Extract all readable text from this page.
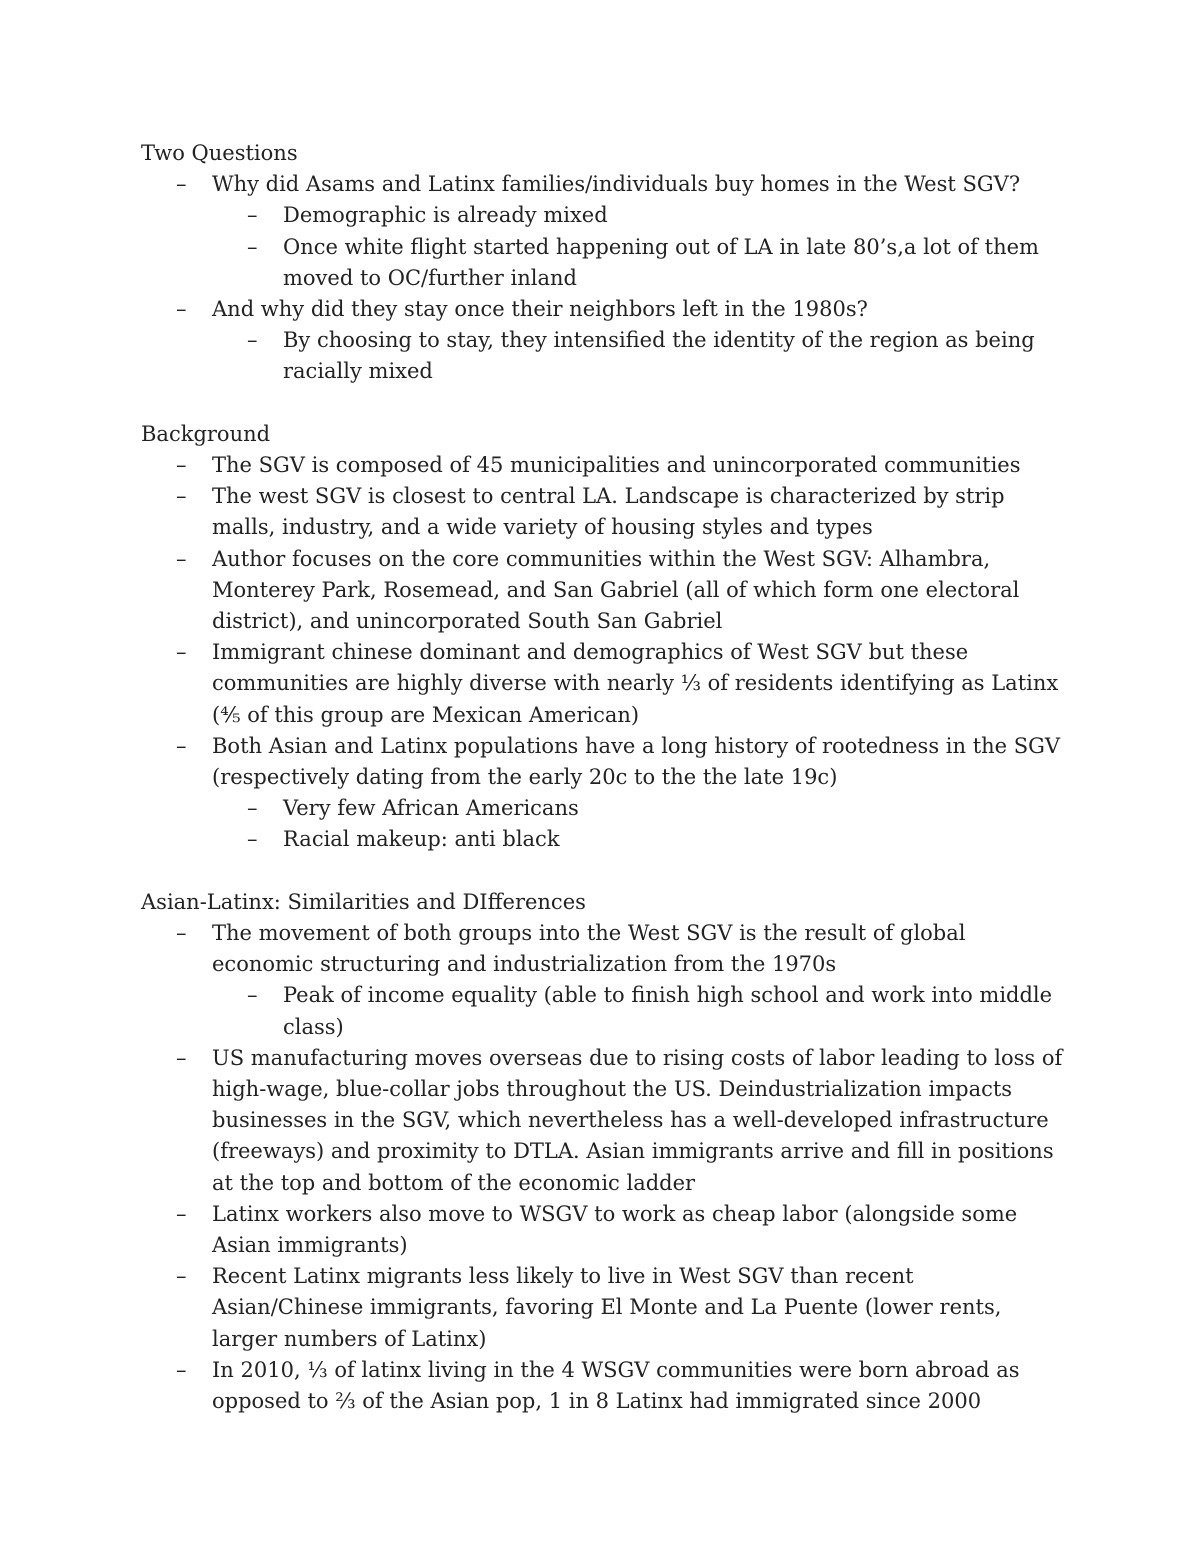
Two Questions
–
Why did Asams and Latinx families/individuals buy homes in the West SGV?
–
Demographic is already mixed
–
Once white flight started happening out of LA in late 80’s,a lot of them moved to OC/further inland
–
And why did they stay once their neighbors left in the 1980s?
–
By choosing to stay, they intensified the identity of the region as being racially mixed
Background
–
The SGV is composed of 45 municipalities and unincorporated communities
–
The west SGV is closest to central LA. Landscape is characterized by strip malls, industry, and a wide variety of housing styles and types
–
Author focuses on the core communities within the West SGV: Alhambra, Monterey Park, Rosemead, and San Gabriel (all of which form one electoral district), and unincorporated South San Gabriel
–
Immigrant chinese dominant and demographics of West SGV but these communities are highly diverse with nearly ⅓ of residents identifying as Latinx (⅘ of this group are Mexican American)
–
Both Asian and Latinx populations have a long history of rootedness in the SGV (respectively dating from the early 20c to the the late 19c)
–
Very few African Americans
–
Racial makeup: anti black
Asian-Latinx: Similarities and DIfferences
–
The movement of both groups into the West SGV is the result of global economic structuring and industrialization from the 1970s
–
Peak of income equality (able to finish high school and work into middle class)
–
US manufacturing moves overseas due to rising costs of labor leading to loss of high-wage, blue-collar jobs throughout the US. Deindustrialization impacts businesses in the SGV, which nevertheless has a well-developed infrastructure (freeways) and proximity to DTLA. Asian immigrants arrive and fill in positions at the top and bottom of the economic ladder
–
Latinx workers also move to WSGV to work as cheap labor (alongside some Asian immigrants)
–
Recent Latinx migrants less likely to live in West SGV than recent Asian/Chinese immigrants, favoring El Monte and La Puente (lower rents, larger numbers of Latinx)
–
In 2010, ⅓ of latinx living in the 4 WSGV communities were born abroad as opposed to ⅔ of the Asian pop, 1 in 8 Latinx had immigrated since 2000
